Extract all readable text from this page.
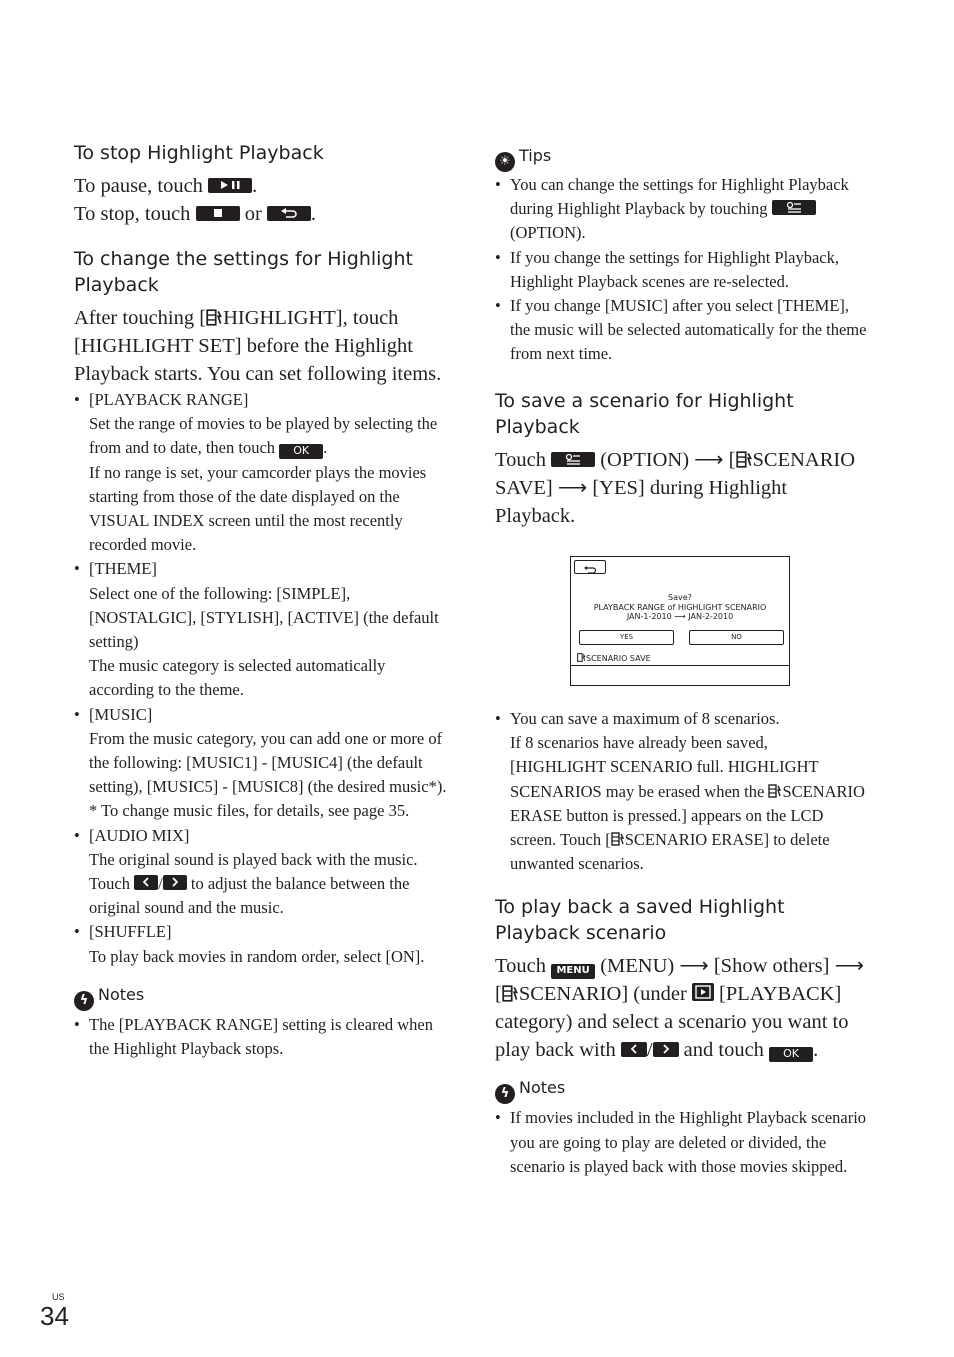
To stop Highlight Playback
To pause, touch .
To stop, touch	or .
To change the settings for Highlight Playback
After touching [ HIGHLIGHT], touch [HIGHLIGHT SET] before the Highlight Playback starts. You can set following items.
• [PLAYBACK RANGE]
Set the range of movies to be played by selecting the from and to date, then touch OK .
If no range is set, your camcorder plays the movies starting from those of the date displayed on the VISUAL INDEX screen until the most recently recorded movie.
• [THEME]
Select one of the following: [SIMPLE], [NOSTALGIC], [STYLISH], [ACTIVE] (the default setting)
The music category is selected automatically according to the theme.
• [MUSIC]
From the music category, you can add one or more of the following: [MUSIC1] - [MUSIC4] (the default setting), [MUSIC5] - [MUSIC8] (the desired music*).
* To change music files, for details, see page 35.
• [AUDIO MIX]
The original sound is played back with the music.
Touch / to adjust the balance between the original sound and the music.
• [SHUFFLE]
To play back movies in random order, select [ON].
ϟ Notes
• The [PLAYBACK RANGE] setting is cleared when the Highlight Playback stops.
☀ Tips
• You can change the settings for Highlight Playback during Highlight Playback by touching
(OPTION).
• If you change the settings for Highlight Playback, Highlight Playback scenes are re-selected.
• If you change [MUSIC] after you select [THEME], the music will be selected automatically for the theme from next time.
To save a scenario for Highlight Playback
Touch	(OPTION) ⟶ [ SCENARIO SAVE] ⟶ [YES] during Highlight Playback.
Save?
PLAYBACK RANGE of HIGHLIGHT SCENARIO
JAN-1-2010 ⟶ JAN-2-2010
YES	NO
SCENARIO SAVE
• You can save a maximum of 8 scenarios.
If 8 scenarios have already been saved, [HIGHLIGHT SCENARIO full. HIGHLIGHT SCENARIOS may be erased when the SCENARIO ERASE button is pressed.] appears on the LCD screen. Touch [ SCENARIO ERASE] to delete unwanted scenarios.
To play back a saved Highlight Playback scenario
Touch MENU (MENU) ⟶ [Show others] ⟶ [ SCENARIO] (under [PLAYBACK] category) and select a scenario you want to play back with / and touch OK .
ϟ Notes
• If movies included in the Highlight Playback scenario you are going to play are deleted or divided, the scenario is played back with those movies skipped.
US
34
